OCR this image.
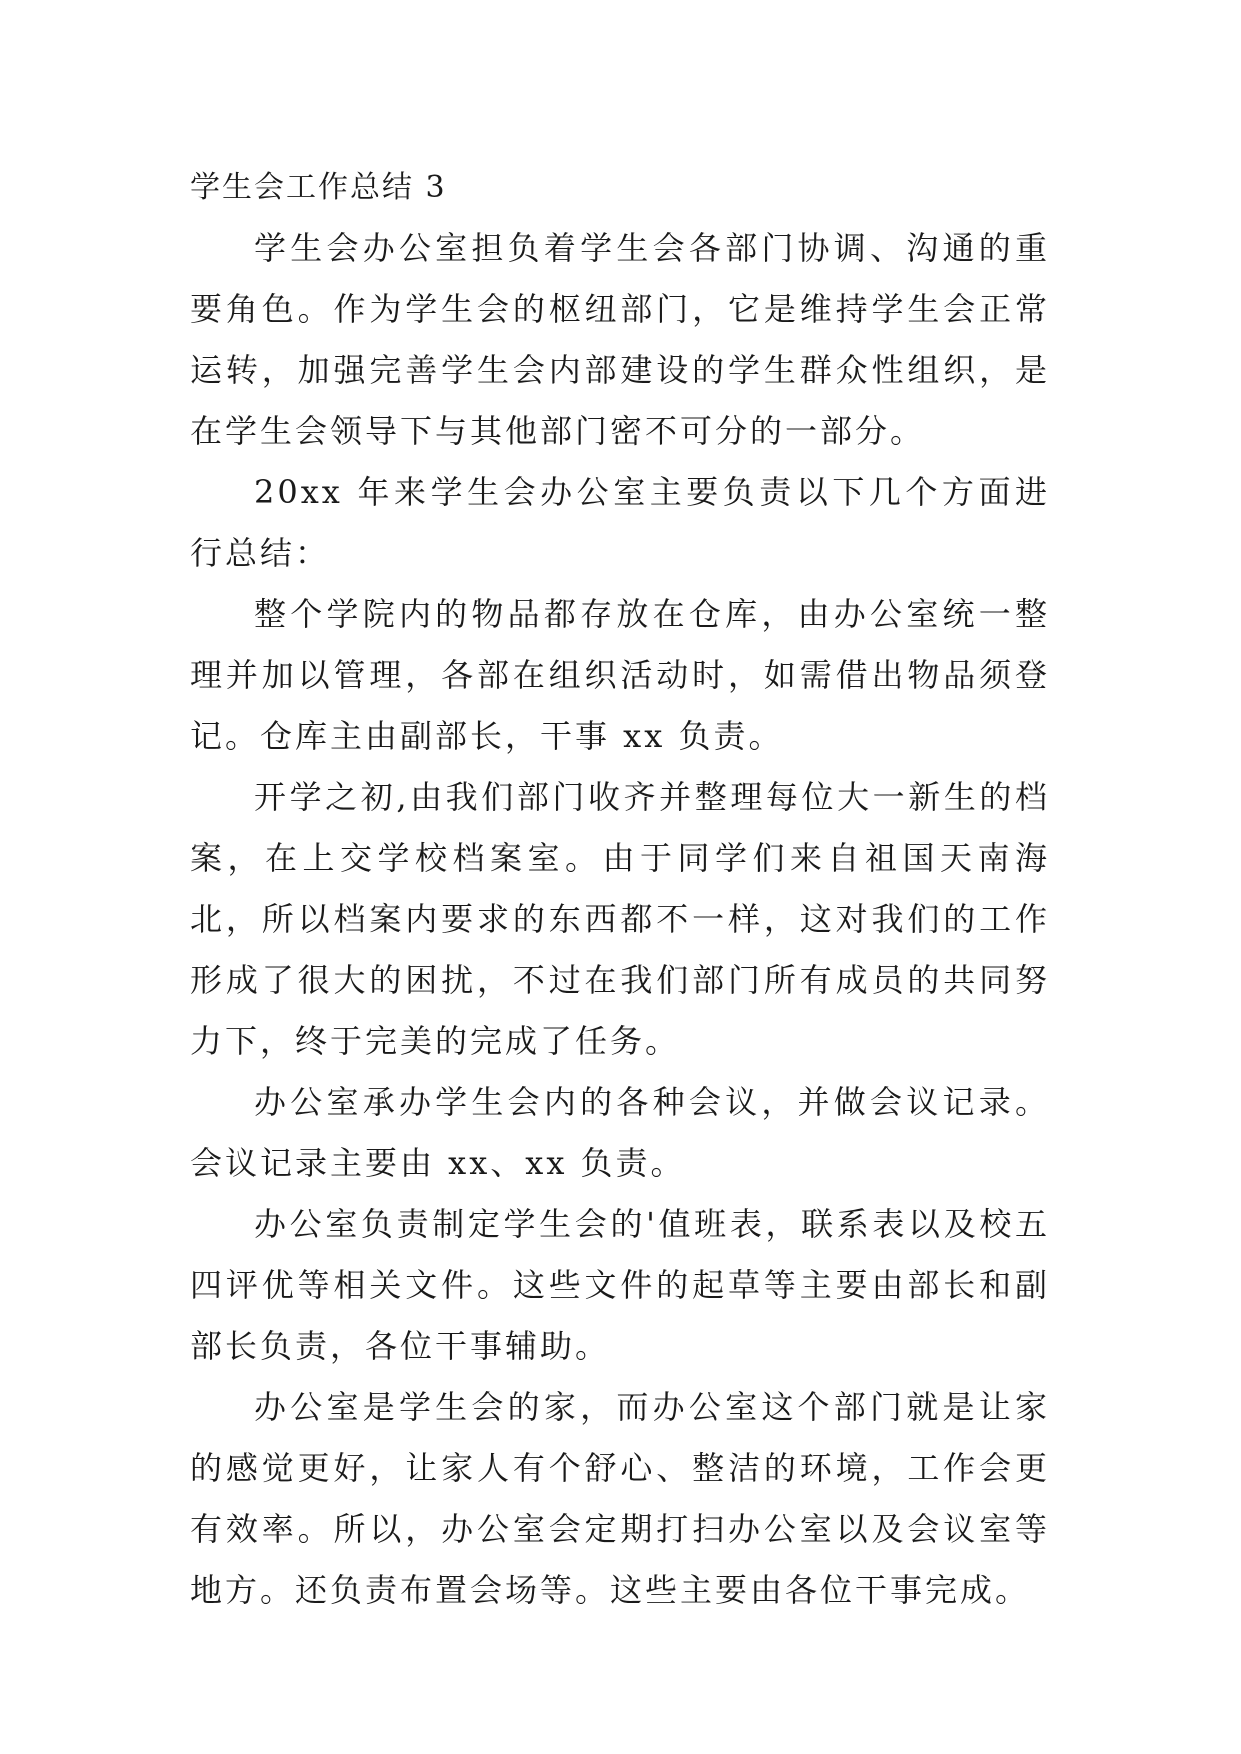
学生会工作总结 3

学生会办公室担负着学生会各部门协调、沟通的重要角色。作为学生会的枢纽部门，它是维持学生会正常运转，加强完善学生会内部建设的学生群众性组织，是在学生会领导下与其他部门密不可分的一部分。

20xx 年来学生会办公室主要负责以下几个方面进行总结：

整个学院内的物品都存放在仓库，由办公室统一整理并加以管理，各部在组织活动时，如需借出物品须登记。仓库主由副部长，干事 xx 负责。

开学之初,由我们部门收齐并整理每位大一新生的档案，在上交学校档案室。由于同学们来自祖国天南海北，所以档案内要求的东西都不一样，这对我们的工作形成了很大的困扰，不过在我们部门所有成员的共同努力下，终于完美的完成了任务。

办公室承办学生会内的各种会议，并做会议记录。会议记录主要由 xx、xx 负责。

办公室负责制定学生会的'值班表，联系表以及校五四评优等相关文件。这些文件的起草等主要由部长和副部长负责，各位干事辅助。

办公室是学生会的家，而办公室这个部门就是让家的感觉更好，让家人有个舒心、整洁的环境，工作会更有效率。所以，办公室会定期打扫办公室以及会议室等地方。还负责布置会场等。这些主要由各位干事完成。
